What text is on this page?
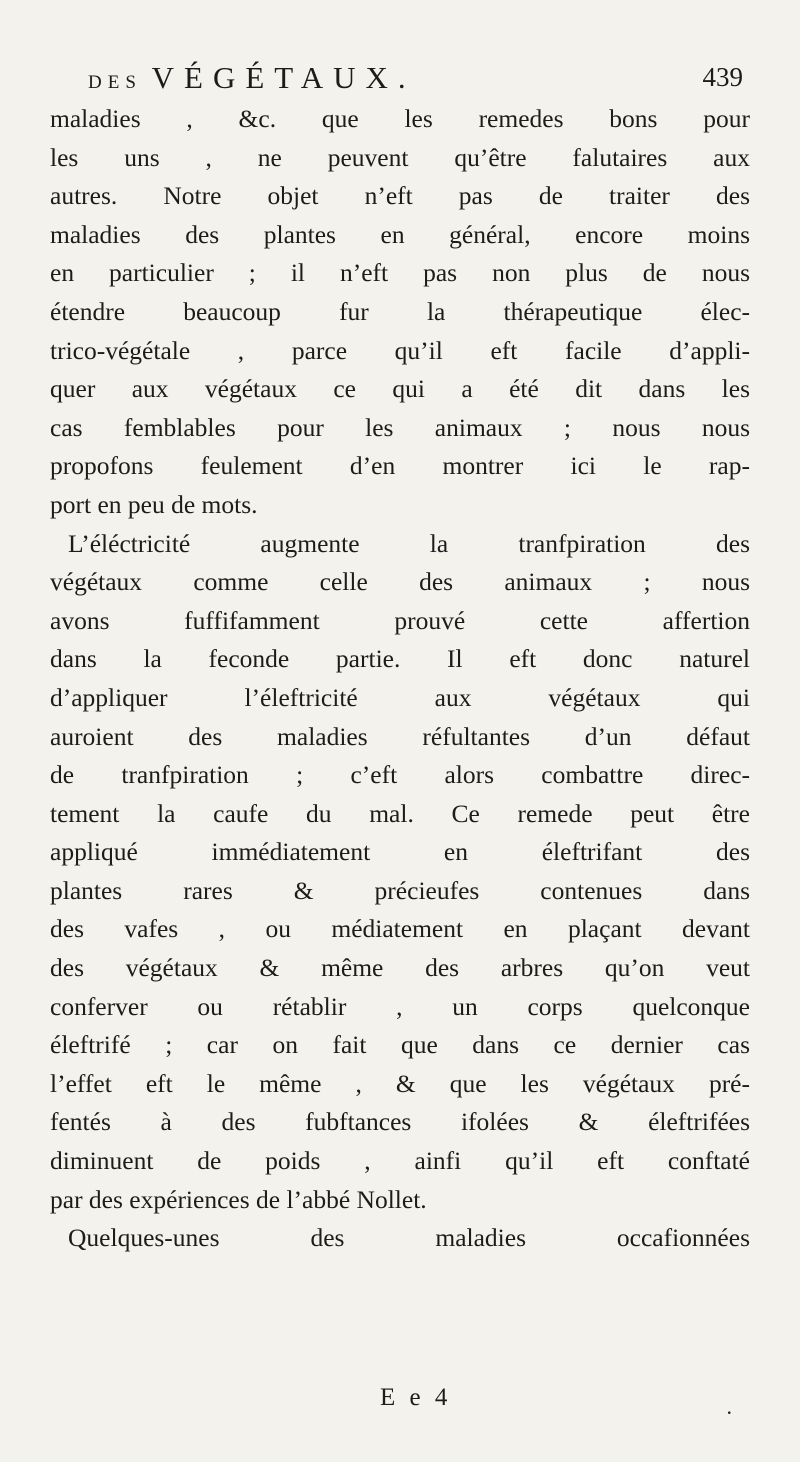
DES VÉGÉTAUX.	439
maladies , &c. que les remedes bons pour
les uns , ne peuvent qu’être falutaires aux
autres. Notre objet n’eft pas de traiter des
maladies des plantes en général, encore moins
en particulier ; il n’eft pas non plus de nous
étendre beaucoup fur la thérapeutique élec-
trico-végétale , parce qu’il eft facile d’appli-
quer aux végétaux ce qui a été dit dans les
cas femblables pour les animaux ; nous nous
propofons feulement d’en montrer ici le rap-
port en peu de mots.
L’éléctricité augmente la tranfpiration des
végétaux comme celle des animaux ; nous
avons fuffifamment prouvé cette affertion
dans la feconde partie. Il eft donc naturel
d’appliquer l’éleftricité aux végétaux qui
auroient des maladies réfultantes d’un défaut
de tranfpiration ; c’eft alors combattre direc-
tement la caufe du mal. Ce remede peut être
appliqué immédiatement en éleftrifant des
plantes rares & précieufes contenues dans
des vafes , ou médiatement en plaçant devant
des végétaux & même des arbres qu’on veut
conferver ou rétablir , un corps quelconque
éleftrifé ; car on fait que dans ce dernier cas
l’effet eft le même , & que les végétaux pré-
fentés à des fubftances ifolées & éleftrifées
diminuent de poids , ainfi qu’il eft conftaté
par des expériences de l’abbé Nollet.
Quelques-unes des maladies occafionnées
E e 4	.
